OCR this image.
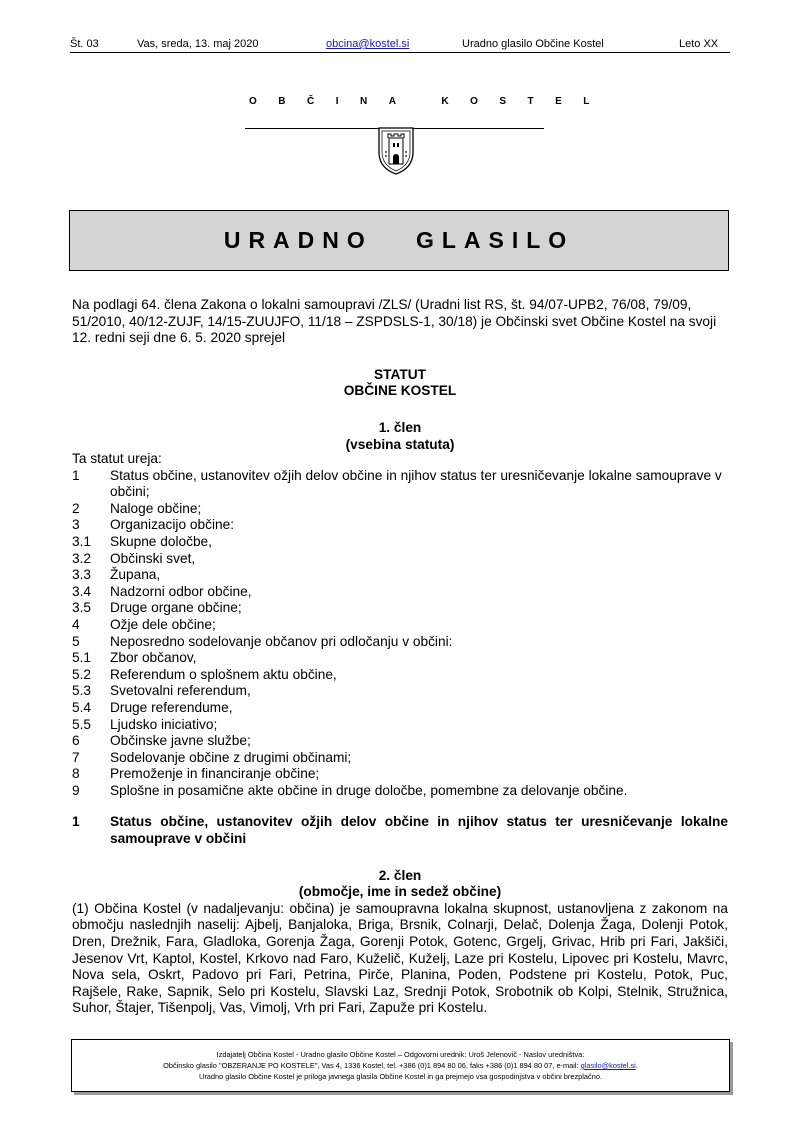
Št. 03	Vas, sreda, 13. maj 2020	obcina@kostel.si	Uradno glasilo Občine Kostel	Leto XX
OBČINA KOSTEL
URADNO   GLASILO
Na podlagi 64. člena Zakona o lokalni samoupravi /ZLS/ (Uradni list RS, št. 94/07-UPB2, 76/08, 79/09, 51/2010, 40/12-ZUJF, 14/15-ZUUJFO, 11/18 – ZSPDSLS-1, 30/18) je Občinski svet Občine Kostel na svoji 12. redni seji dne 6. 5. 2020 sprejel
STATUT
OBČINE KOSTEL
1. člen
(vsebina statuta)
Ta statut ureja:
1	Status občine, ustanovitev ožjih delov občine in njihov status ter uresničevanje lokalne samouprave v občini;
2	Naloge občine;
3	Organizacijo občine:
3.1	Skupne določbe,
3.2	Občinski svet,
3.3	Župana,
3.4	Nadzorni odbor občine,
3.5	Druge organe občine;
4	Ožje dele občine;
5	Neposredno sodelovanje občanov pri odločanju v občini:
5.1	Zbor občanov,
5.2	Referendum o splošnem aktu občine,
5.3	Svetovalni referendum,
5.4	Druge referendume,
5.5	Ljudsko iniciativo;
6	Občinske javne službe;
7	Sodelovanje občine z drugimi občinami;
8	Premoženje in financiranje občine;
9	Splošne in posamične akte občine in druge določbe, pomembne za delovanje občine.
1	Status občine, ustanovitev ožjih delov občine in njihov status ter uresničevanje lokalne samouprave v občini
2. člen
(območje, ime in sedež občine)
(1) Občina Kostel (v nadaljevanju: občina) je samoupravna lokalna skupnost, ustanovljena z zakonom na območju naslednjih naselij: Ajbelj, Banjaloka, Briga, Brsnik, Colnarji, Delač, Dolenja Žaga, Dolenji Potok, Dren, Drežnik, Fara, Gladloka, Gorenja Žaga, Gorenji Potok, Gotenc, Grgelj, Grivac, Hrib pri Fari, Jakšiči, Jesenov Vrt, Kaptol, Kostel, Krkovo nad Faro, Kuželič, Kuželj, Laze pri Kostelu, Lipovec pri Kostelu, Mavrc, Nova sela, Oskrt, Padovo pri Fari, Petrina, Pirče, Planina, Poden, Podstene pri Kostelu, Potok, Puc, Rajšele, Rake, Sapnik, Selo pri Kostelu, Slavski Laz, Srednji Potok, Srobotnik ob Kolpi, Stelnik, Stružnica, Suhor, Štajer, Tišenpolj, Vas, Vimolj, Vrh pri Fari, Zapuže pri Kostelu.
Izdajatelj Občina Kostel - Uradno glasilo Občine Kostel – Odgovorni urednik: Uroš Jelenovič - Naslov uredništva:
Občinsko glasilo "OBZERANJE PO KOSTELE", Vas 4, 1336 Kostel, tel. +386 (0)1 894 80 06, faks +386 (0)1 894 80 07, e-mail: glasilo@kostel.si.
Uradno glasilo Občine Kostel je priloga javnega glasila Občine Kostel in ga prejmejo vsa gospodinjstva v občini brezplačno.
